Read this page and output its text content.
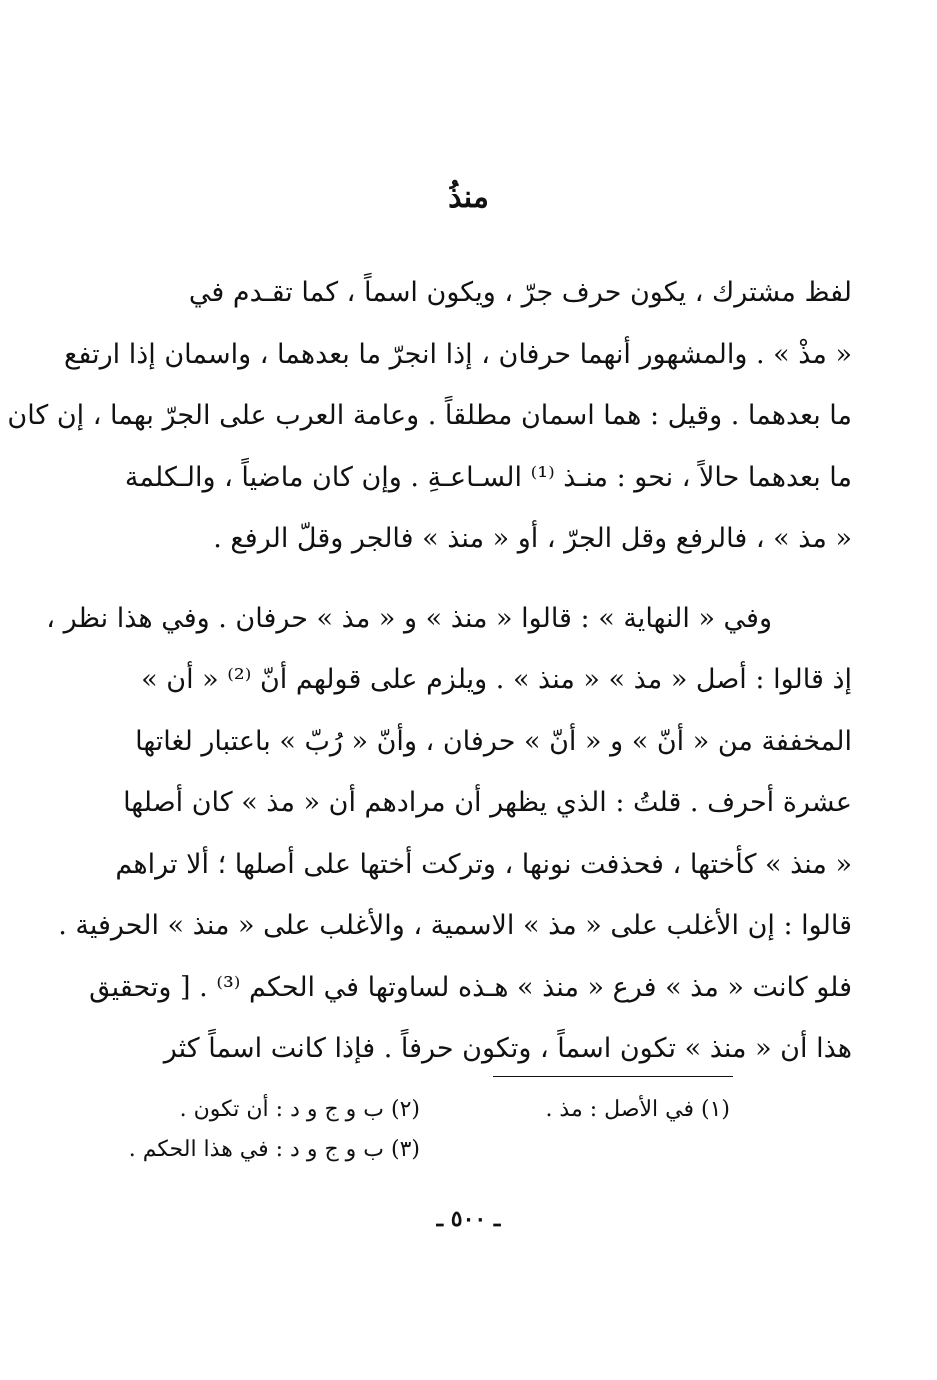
منذُ
لفظ مشترك ، يكون حرف جرّ ، ويكون اسماً ، كما تقـدم في
« مذْ » . والمشهور أنهما حرفان ، إذا انجرّ ما بعدهما ، واسمان إذا ارتفع
ما بعدهما . وقيل : هما اسمان مطلقاً . وعامة العرب على الجرّ بهما ، إن كان
ما بعدهما حالاً ، نحو : منـذ ⁽¹⁾ السـاعـةِ . وإن كان ماضياً ، والـكلمة
« مذ » ، فالرفع وقل الجرّ ، أو « منذ » فالجر وقلّ الرفع .
وفي « النهاية » : قالوا « منذ » و « مذ » حرفان . وفي هذا نظر ،
إذ قالوا : أصل « مذ » « منذ » . ويلزم على قولهم أنّ ⁽²⁾ « أن »
المخففة من « أنّ » و « أنّ » حرفان ، وأنّ « رُبّ » باعتبار لغاتها
عشرة أحرف . قلتُ : الذي يظهر أن مرادهم أن « مذ » كان أصلها
« منذ » كأختها ، فحذفت نونها ، وتركت أختها على أصلها ؛ ألا تراهم
قالوا : إن الأغلب على « مذ » الاسمية ، والأغلب على « منذ » الحرفية .
فلو كانت « مذ » فرع « منذ » هـذه لساوتها في الحكم ⁽³⁾ . [ وتحقيق
هذا أن « منذ » تكون اسماً ، وتكون حرفاً . فإذا كانت اسماً كثر
(١) في الأصل : مذ .
(٢) ب و ج و د : أن تكون .
(٣) ب و ج و د : في هذا الحكم .
ـ ٥٠٠ ـ
